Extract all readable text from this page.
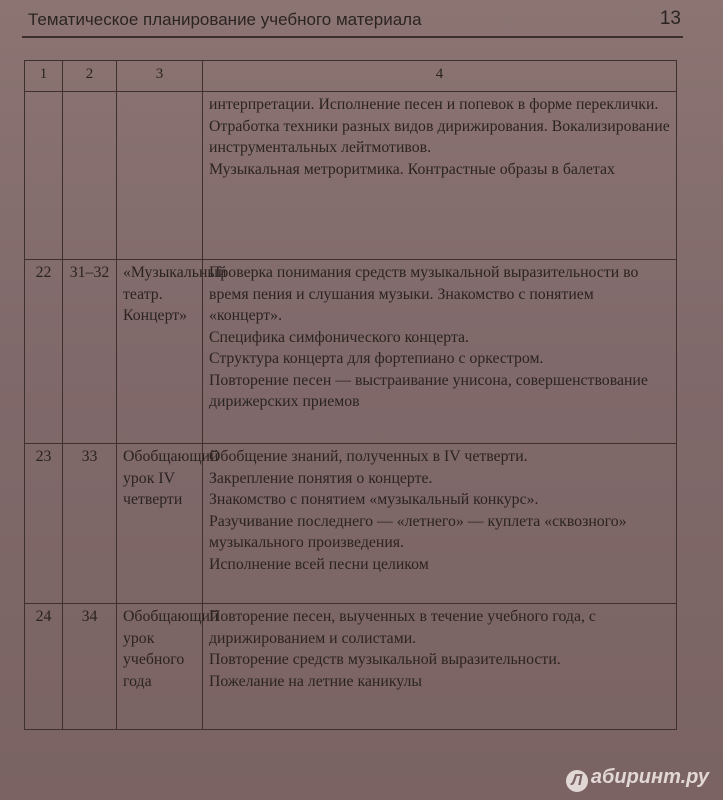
Тематическое планирование учебного материала	13
1	2	3	4

			интерпретации. Исполнение песен и попевок в форме переклички.
Отработка техники разных видов дирижирования. Вокализирование инструментальных лейтмотивов.
Музыкальная метроритмика. Контрастные образы в балетах

22	31–32	«Музыкальный театр. Концерт»	Проверка понимания средств музыкальной выразительности во время пения и слушания музыки. Знакомство с понятием «концерт».
Специфика симфонического концерта.
Структура концерта для фортепиано с оркестром.
Повторение песен — выстраивание унисона, совершенствование дирижерских приемов

23	33	Обобщающий урок IV четверти	Обобщение знаний, полученных в IV четверти.
Закрепление понятия о концерте.
Знакомство с понятием «музыкальный конкурс».
Разучивание последнего — «летнего» — куплета «сквозного» музыкального произведения.
Исполнение всей песни целиком

24	34	Обобщающий урок учебного года	Повторение песен, выученных в течение учебного года, с дирижированием и солистами.
Повторение средств музыкальной выразительности.
Пожелание на летние каникулы
Л абиринт.ру
